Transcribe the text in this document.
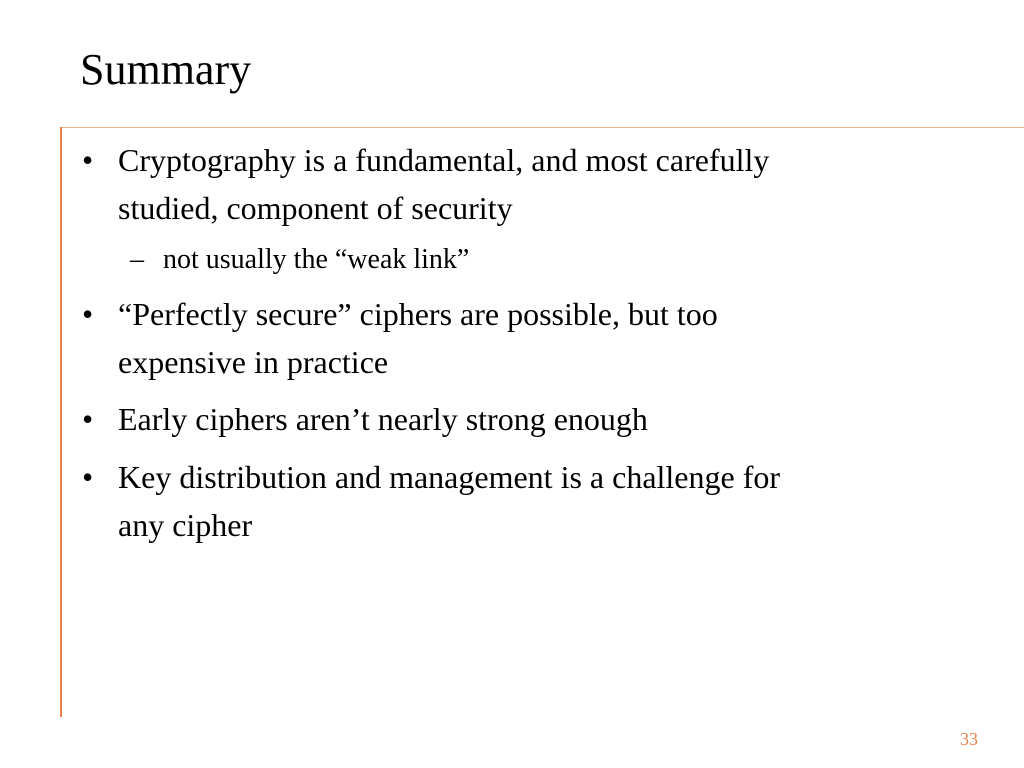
Summary
• Cryptography is a fundamental, and most carefully
studied, component of security
– not usually the “weak link”
• “Perfectly secure” ciphers are possible, but too
expensive in practice
• Early ciphers aren’t nearly strong enough
• Key distribution and management is a challenge for
any cipher
33
